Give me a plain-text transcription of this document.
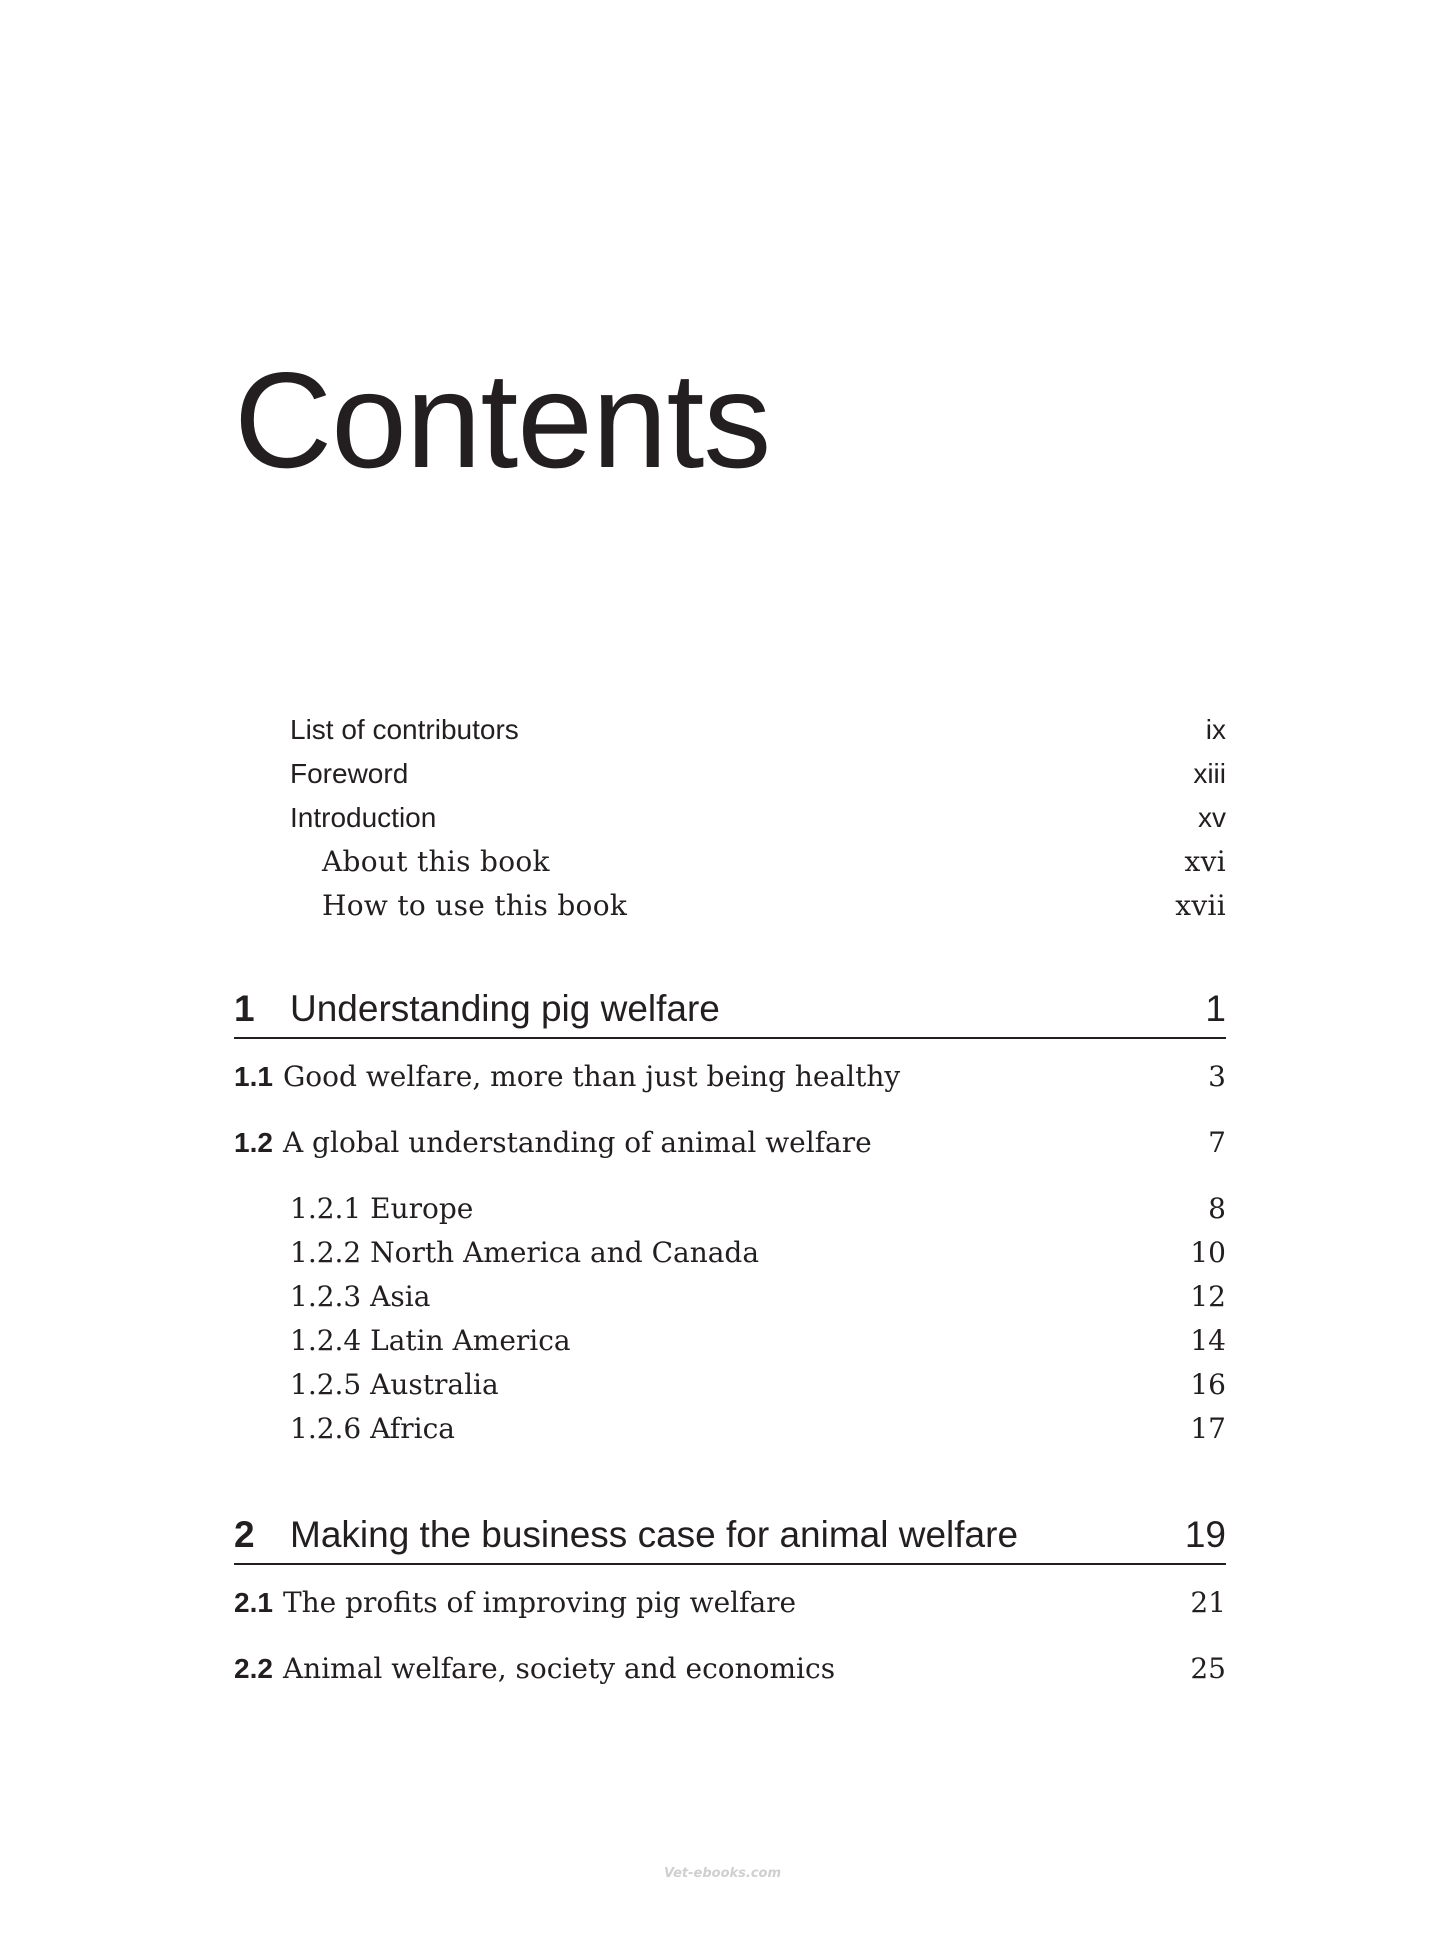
Contents
List of contributors	ix
Foreword	xiii
Introduction	xv
About this book	xvi
How to use this book	xvii
1 Understanding pig welfare	1
1.1 Good welfare, more than just being healthy	3
1.2 A global understanding of animal welfare	7
1.2.1 Europe	8
1.2.2 North America and Canada	10
1.2.3 Asia	12
1.2.4 Latin America	14
1.2.5 Australia	16
1.2.6 Africa	17
2 Making the business case for animal welfare	19
2.1 The profits of improving pig welfare	21
2.2 Animal welfare, society and economics	25
Vet-ebooks.com
